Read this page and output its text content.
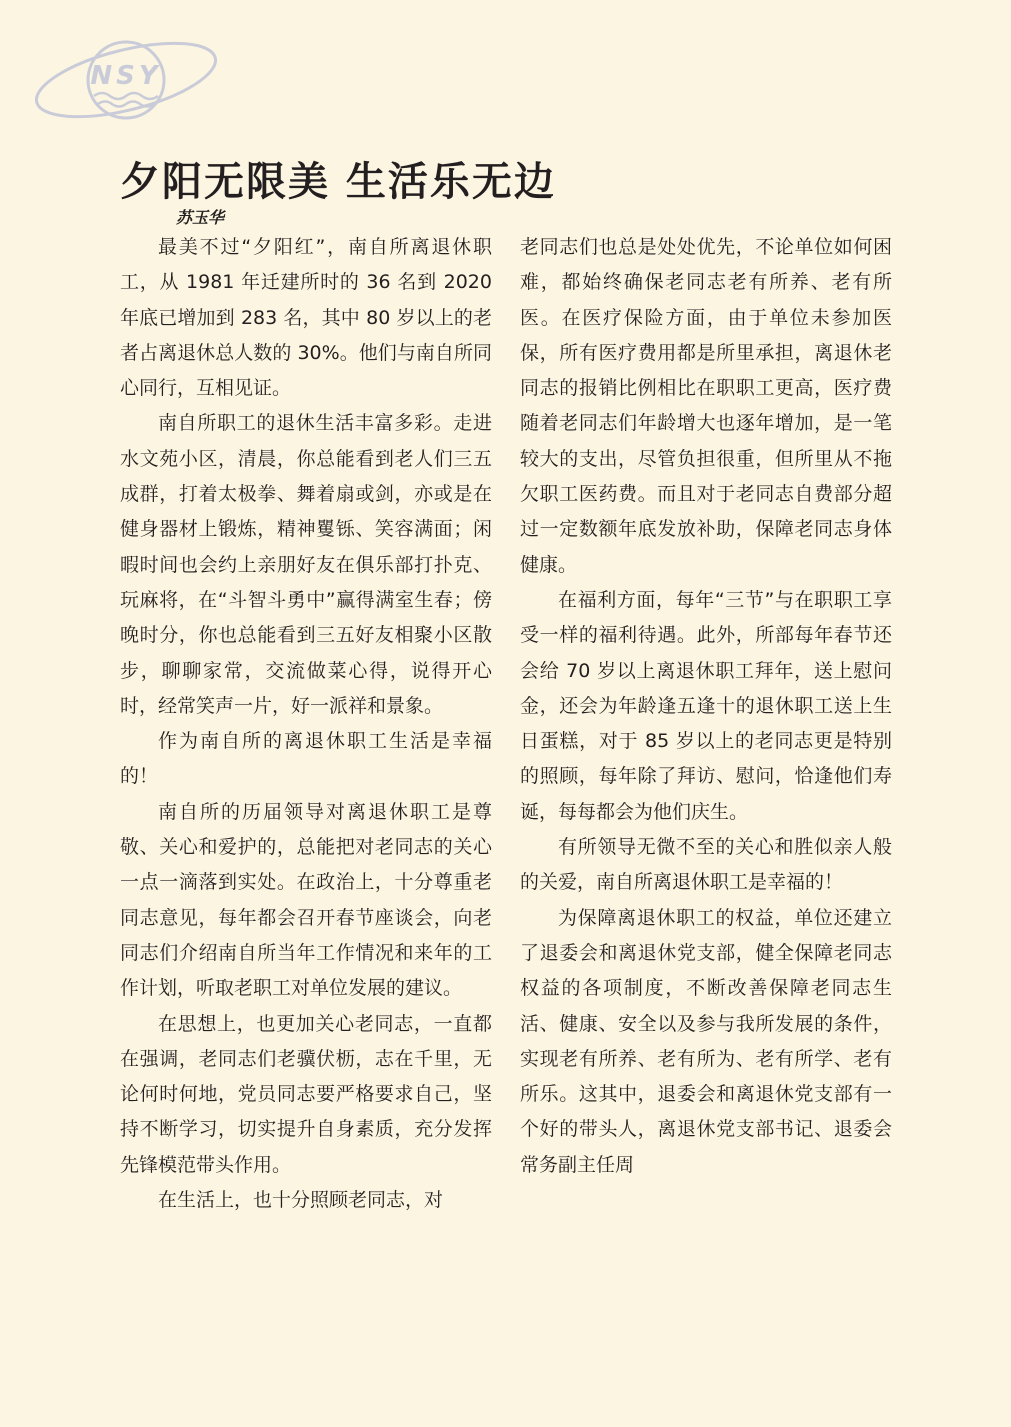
NSY
夕阳无限美 生活乐无边
苏玉华

最美不过“夕阳红”，南自所离退休职工，从 1981 年迁建所时的 36 名到 2020 年底已增加到 283 名，其中 80 岁以上的老者占离退休总人数的 30%。他们与南自所同心同行，互相见证。

南自所职工的退休生活丰富多彩。走进水文苑小区，清晨，你总能看到老人们三五成群，打着太极拳、舞着扇或剑，亦或是在健身器材上锻炼，精神矍铄、笑容满面；闲暇时间也会约上亲朋好友在俱乐部打扑克、玩麻将，在“斗智斗勇中”赢得满室生春；傍晚时分，你也总能看到三五好友相聚小区散步，聊聊家常，交流做菜心得，说得开心时，经常笑声一片，好一派祥和景象。

作为南自所的离退休职工生活是幸福的！

南自所的历届领导对离退休职工是尊敬、关心和爱护的，总能把对老同志的关心一点一滴落到实处。在政治上，十分尊重老同志意见，每年都会召开春节座谈会，向老同志们介绍南自所当年工作情况和来年的工作计划，听取老职工对单位发展的建议。

在思想上，也更加关心老同志，一直都在强调，老同志们老骥伏枥，志在千里，无论何时何地，党员同志要严格要求自己，坚持不断学习，切实提升自身素质，充分发挥先锋模范带头作用。

在生活上，也十分照顾老同志，对

老同志们也总是处处优先，不论单位如何困难，都始终确保老同志老有所养、老有所医。在医疗保险方面，由于单位未参加医保，所有医疗费用都是所里承担，离退休老同志的报销比例相比在职职工更高，医疗费随着老同志们年龄增大也逐年增加，是一笔较大的支出，尽管负担很重，但所里从不拖欠职工医药费。而且对于老同志自费部分超过一定数额年底发放补助，保障老同志身体健康。

在福利方面，每年“三节”与在职职工享受一样的福利待遇。此外，所部每年春节还会给 70 岁以上离退休职工拜年，送上慰问金，还会为年龄逢五逢十的退休职工送上生日蛋糕，对于 85 岁以上的老同志更是特别的照顾，每年除了拜访、慰问，恰逢他们寿诞，每每都会为他们庆生。

有所领导无微不至的关心和胜似亲人般的关爱，南自所离退休职工是幸福的！

为保障离退休职工的权益，单位还建立了退委会和离退休党支部，健全保障老同志权益的各项制度，不断改善保障老同志生活、健康、安全以及参与我所发展的条件，实现老有所养、老有所为、老有所学、老有所乐。这其中，退委会和离退休党支部有一个好的带头人，离退休党支部书记、退委会常务副主任周
